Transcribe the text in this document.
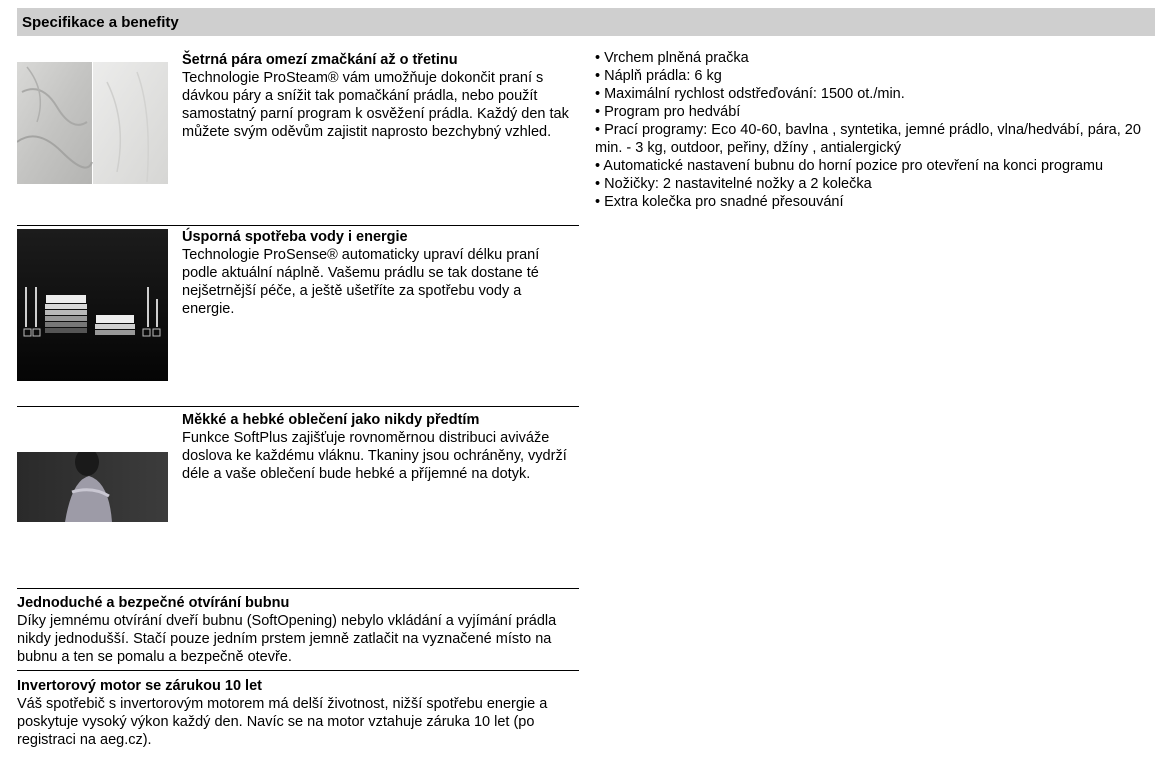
Specifikace a benefity
Šetrná pára omezí zmačkání až o třetinu
Technologie ProSteam® vám umožňuje dokončit praní s dávkou páry a snížit tak pomačkání prádla, nebo použít samostatný parní program k osvěžení prádla. Každý den tak můžete svým oděvům zajistit naprosto bezchybný vzhled.
Úsporná spotřeba vody i energie
Technologie ProSense® automaticky upraví délku praní podle aktuální náplně. Vašemu prádlu se tak dostane té nejšetrnější péče, a ještě ušetříte za spotřebu vody a energie.
Měkké a hebké oblečení jako nikdy předtím
Funkce SoftPlus zajišťuje rovnoměrnou distribuci aviváže doslova ke každému vláknu. Tkaniny jsou ochráněny, vydrží déle a vaše oblečení bude hebké a příjemné na dotyk.
Jednoduché a bezpečné otvírání bubnu
Díky jemnému otvírání dveří bubnu (SoftOpening) nebylo vkládání a vyjímání prádla nikdy jednodušší. Stačí pouze jedním prstem jemně zatlačit na vyznačené místo na bubnu a ten se pomalu a bezpečně otevře.
Invertorový motor se zárukou 10 let
Váš spotřebič s invertorovým motorem má delší životnost, nižší spotřebu energie a poskytuje vysoký výkon každý den. Navíc se na motor vztahuje záruka 10 let (po registraci na aeg.cz).
• Vrchem plněná pračka
• Náplň prádla: 6 kg
• Maximální rychlost odstřeďování: 1500 ot./min.
• Program pro hedvábí
• Prací programy: Eco 40-60, bavlna , syntetika, jemné prádlo, vlna/hedvábí, pára, 20 min. - 3 kg, outdoor, peřiny, džíny , antialergický
• Automatické nastavení bubnu do horní pozice pro otevření na konci programu
• Nožičky: 2 nastavitelné nožky a 2 kolečka
• Extra kolečka pro snadné přesouvání
